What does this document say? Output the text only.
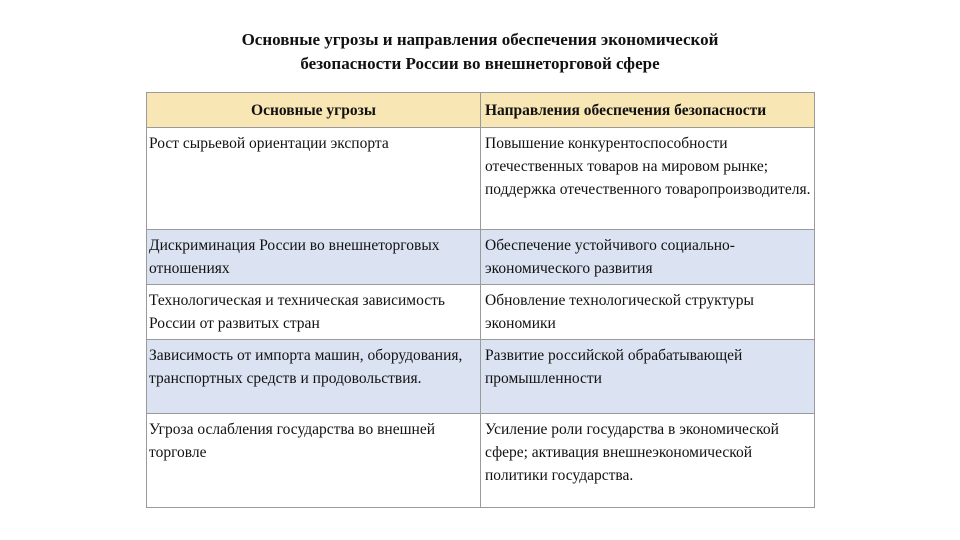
Основные угрозы и направления обеспечения экономической
безопасности России во внешнеторговой сфере
Основные угрозы	Направления обеспечения безопасности
Рост сырьевой ориентации экспорта	Повышение конкурентоспособности отечественных товаров на мировом рынке; поддержка отечественного товаропроизводителя.
Дискриминация России во внешнеторговых отношениях	Обеспечение устойчивого социально-экономического развития
Технологическая и техническая зависимость России от развитых стран	Обновление технологической структуры экономики
Зависимость от импорта машин, оборудования, транспортных средств и продовольствия.	Развитие российской обрабатывающей промышленности
Угроза ослабления государства во внешней торговле	Усиление роли государства в экономической сфере; активация внешнеэкономической политики государства.
